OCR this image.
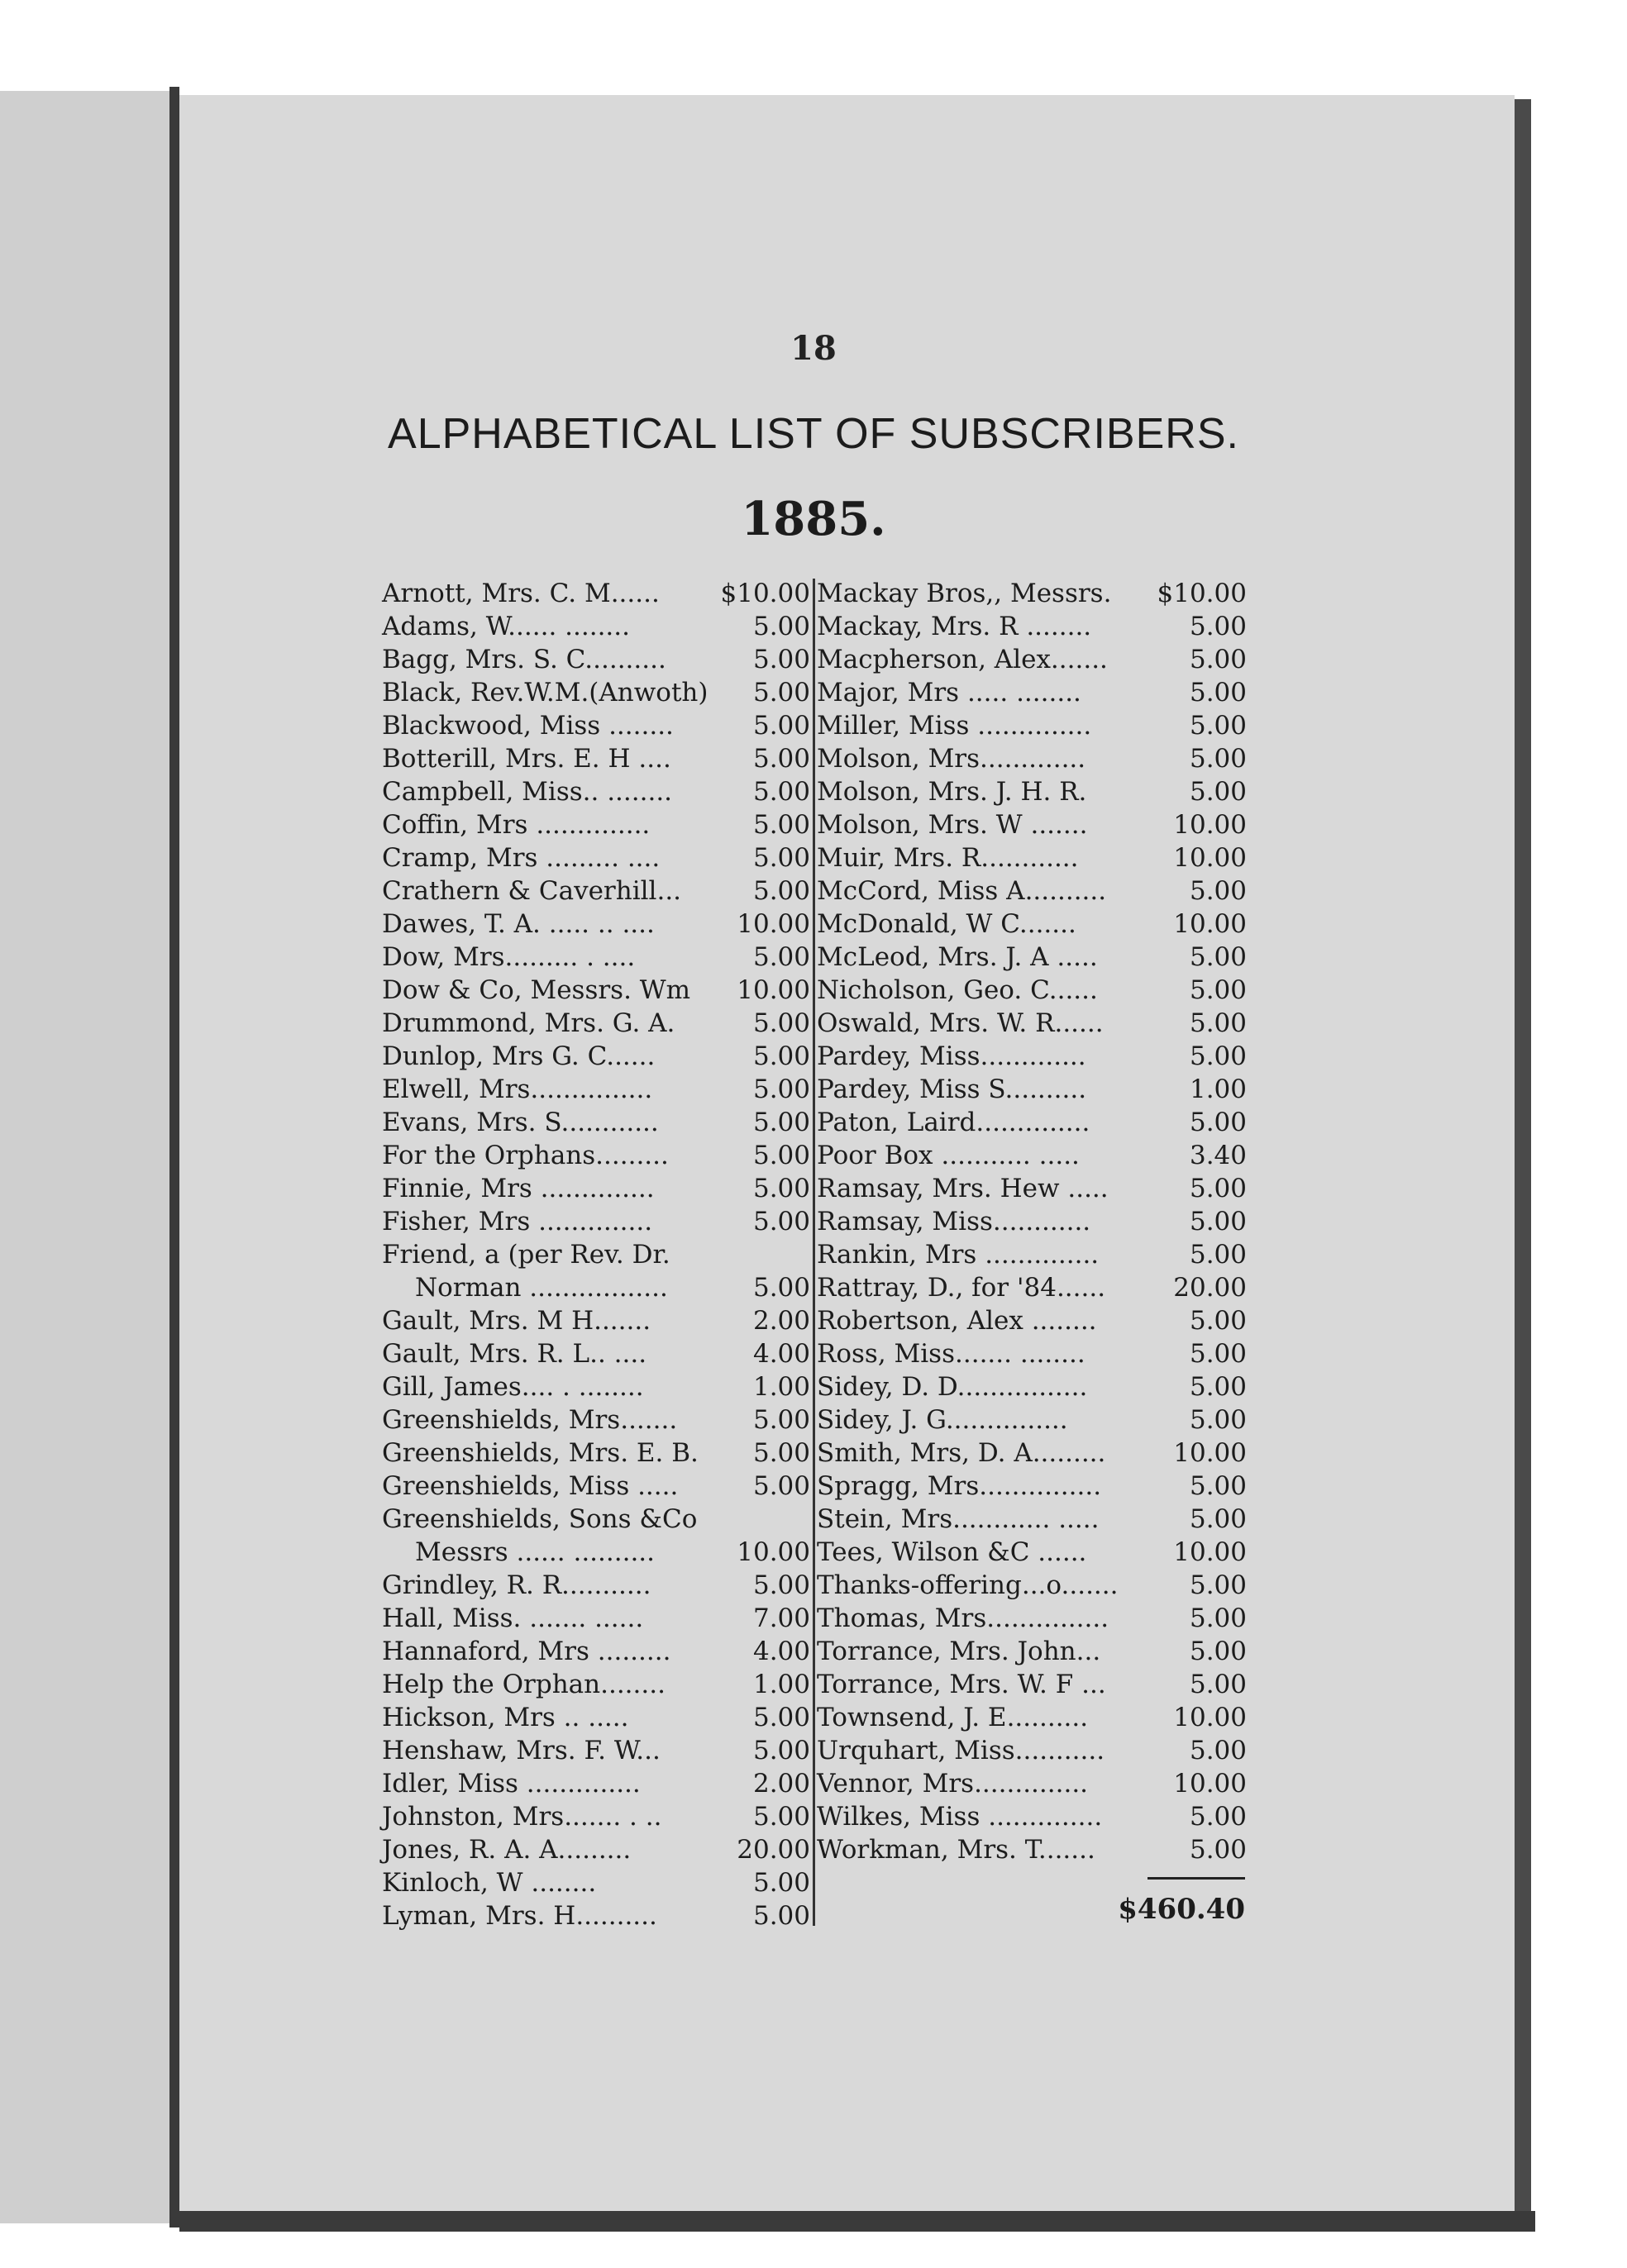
18
ALPHABETICAL LIST OF SUBSCRIBERS.
1885.
Arnott, Mrs. C. M...... $10.00
Adams, W...... ........	5.00
Bagg, Mrs. S. C..........	5.00
Black, Rev.W.M.(Anwoth) 5.00
Blackwood, Miss ........	5.00
Botterill, Mrs. E. H ....	5.00
Campbell, Miss.. ........	5.00
Coffin, Mrs ..............	5.00
Cramp, Mrs ......... ....	5.00
Crathern & Caverhill...	5.00
Dawes, T. A. ..... .. ....	10.00
Dow, Mrs......... . ....	5.00
Dow & Co, Messrs. Wm 10.00
Drummond, Mrs. G. A.	5.00
Dunlop, Mrs G. C......	5.00
Elwell, Mrs...............	5.00
Evans, Mrs. S............	5.00
For the Orphans.........	5.00
Finnie, Mrs ..............	5.00
Fisher, Mrs ..............	5.00
Friend, a (per Rev. Dr.
Norman .................	5.00
Gault, Mrs. M H.......	2.00
Gault, Mrs. R. L.. ....	4.00
Gill, James.... . ........	1.00
Greenshields, Mrs.......	5.00
Greenshields, Mrs. E. B. 5.00
Greenshields, Miss .....	5.00
Greenshields, Sons &Co
Messrs ...... ..........	10.00
Grindley, R. R...........	5.00
Hall, Miss. ....... ......	7.00
Hannaford, Mrs .........	4.00
Help the Orphan........	1.00
Hickson, Mrs .. .....	5.00
Henshaw, Mrs. F. W...	5.00
Idler, Miss ..............	2.00
Johnston, Mrs....... . ..	5.00
Jones, R. A. A.........	20.00
Kinloch, W ........	5.00
Lyman, Mrs. H..........	5.00
Mackay Bros,, Messrs. $10.00
Mackay, Mrs. R ........	5.00
Macpherson, Alex.......	5.00
Major, Mrs ..... ........	5.00
Miller, Miss ..............	5.00
Molson, Mrs.............	5.00
Molson, Mrs. J. H. R.	5.00
Molson, Mrs. W .......	10.00
Muir, Mrs. R............	10.00
McCord, Miss A..........	5.00
McDonald, W C.......	10.00
McLeod, Mrs. J. A .....	5.00
Nicholson, Geo. C......	5.00
Oswald, Mrs. W. R......	5.00
Pardey, Miss.............	5.00
Pardey, Miss S..........	1.00
Paton, Laird..............	5.00
Poor Box ........... .....	3.40
Ramsay, Mrs. Hew .....	5.00
Ramsay, Miss............	5.00
Rankin, Mrs ..............	5.00
Rattray, D., for '84......	20.00
Robertson, Alex ........	5.00
Ross, Miss....... ........	5.00
Sidey, D. D................	5.00
Sidey, J. G...............	5.00
Smith, Mrs, D. A.........	10.00
Spragg, Mrs...............	5.00
Stein, Mrs............ .....	5.00
Tees, Wilson &C ......	10.00
Thanks-offering...o.......	5.00
Thomas, Mrs...............	5.00
Torrance, Mrs. John...	5.00
Torrance, Mrs. W. F ...	5.00
Townsend, J. E..........	10.00
Urquhart, Miss...........	5.00
Vennor, Mrs..............	10.00
Wilkes, Miss ..............	5.00
Workman, Mrs. T.......	5.00
$460.40
